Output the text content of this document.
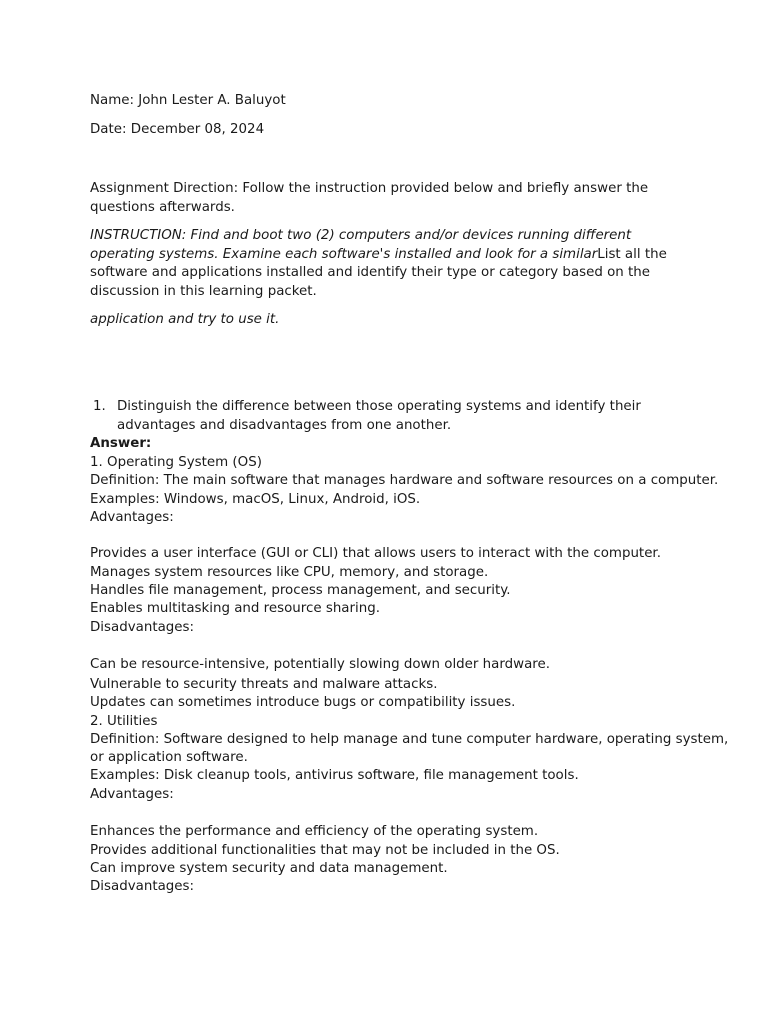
Name: John Lester A. Baluyot
Date: December 08, 2024
Assignment Direction: Follow the instruction provided below and briefly answer the questions afterwards.
INSTRUCTION: Find and boot two (2) computers and/or devices running different operating systems. Examine each software's installed and look for a similarList all the software and applications installed and identify their type or category based on the discussion in this learning packet.
application and try to use it.
1. Distinguish the difference between those operating systems and identify their advantages and disadvantages from one another.
Answer:
1. Operating System (OS)
Definition: The main software that manages hardware and software resources on a computer.
Examples: Windows, macOS, Linux, Android, iOS.
Advantages:
Provides a user interface (GUI or CLI) that allows users to interact with the computer.
Manages system resources like CPU, memory, and storage.
Handles file management, process management, and security.
Enables multitasking and resource sharing.
Disadvantages:
Can be resource-intensive, potentially slowing down older hardware.
Vulnerable to security threats and malware attacks.
Updates can sometimes introduce bugs or compatibility issues.
2. Utilities
Definition: Software designed to help manage and tune computer hardware, operating system,
or application software.
Examples: Disk cleanup tools, antivirus software, file management tools.
Advantages:
Enhances the performance and efficiency of the operating system.
Provides additional functionalities that may not be included in the OS.
Can improve system security and data management.
Disadvantages:
